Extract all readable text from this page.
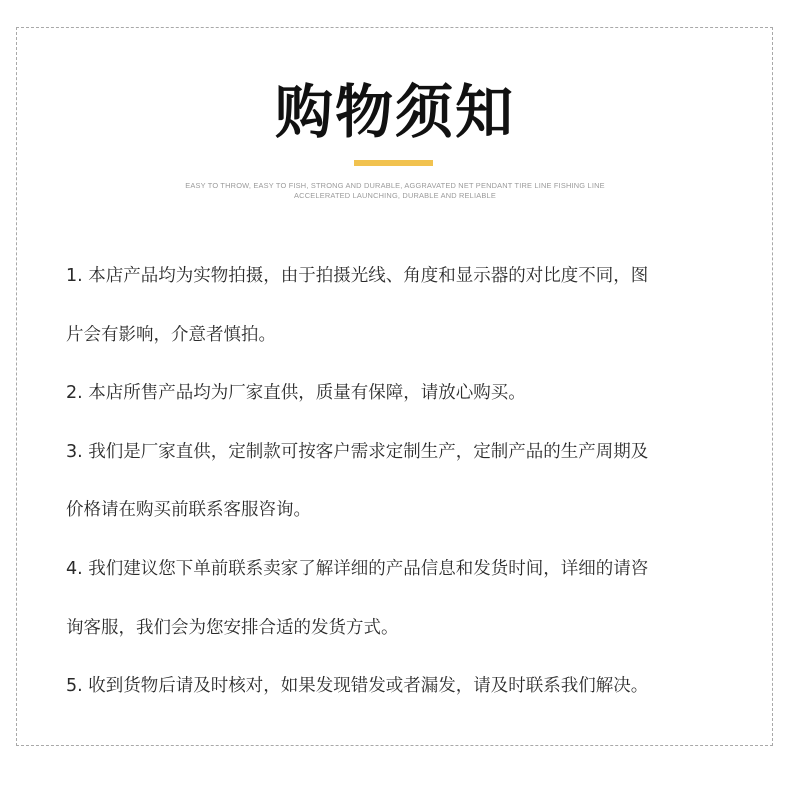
购物须知
EASY TO THROW, EASY TO FISH, STRONG AND DURABLE, AGGRAVATED NET PENDANT TIRE LINE FISHING LINE
ACCELERATED LAUNCHING, DURABLE AND RELIABLE
1. 本店产品均为实物拍摄，由于拍摄光线、角度和显示器的对比度不同，图
片会有影响，介意者慎拍。
2. 本店所售产品均为厂家直供，质量有保障，请放心购买。
3. 我们是厂家直供，定制款可按客户需求定制生产，定制产品的生产周期及
价格请在购买前联系客服咨询。
4. 我们建议您下单前联系卖家了解详细的产品信息和发货时间，详细的请咨
询客服，我们会为您安排合适的发货方式。
5. 收到货物后请及时核对，如果发现错发或者漏发，请及时联系我们解决。
